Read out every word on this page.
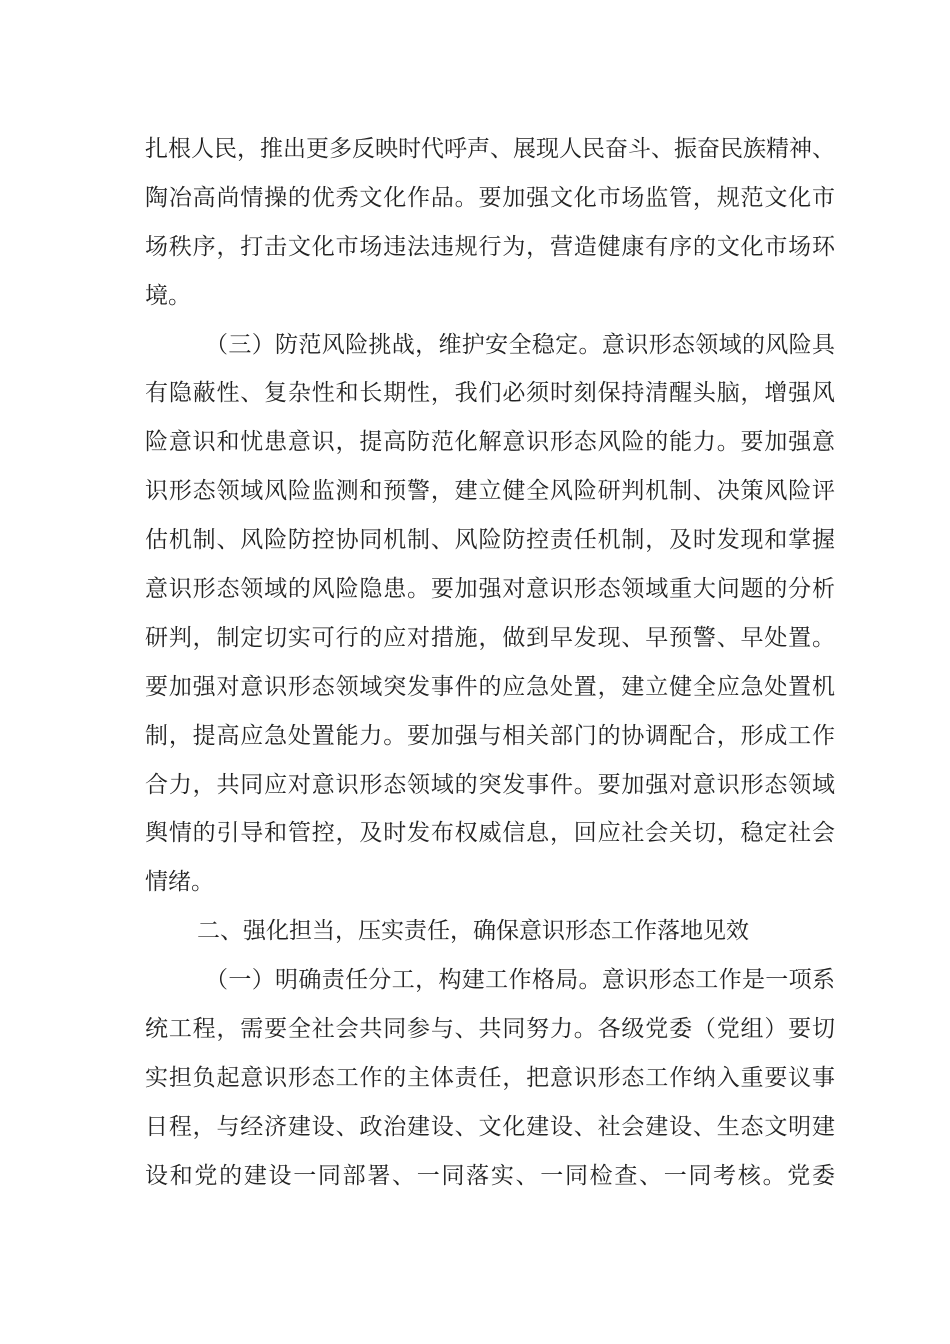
扎根人民，推出更多反映时代呼声、展现人民奋斗、振奋民族精神、
陶冶高尚情操的优秀文化作品。要加强文化市场监管，规范文化市
场秩序，打击文化市场违法违规行为，营造健康有序的文化市场环
境。
（三）防范风险挑战，维护安全稳定。意识形态领域的风险具
有隐蔽性、复杂性和长期性，我们必须时刻保持清醒头脑，增强风
险意识和忧患意识，提高防范化解意识形态风险的能力。要加强意
识形态领域风险监测和预警，建立健全风险研判机制、决策风险评
估机制、风险防控协同机制、风险防控责任机制，及时发现和掌握
意识形态领域的风险隐患。要加强对意识形态领域重大问题的分析
研判，制定切实可行的应对措施，做到早发现、早预警、早处置。
要加强对意识形态领域突发事件的应急处置，建立健全应急处置机
制，提高应急处置能力。要加强与相关部门的协调配合，形成工作
合力，共同应对意识形态领域的突发事件。要加强对意识形态领域
舆情的引导和管控，及时发布权威信息，回应社会关切，稳定社会
情绪。
二、强化担当，压实责任，确保意识形态工作落地见效
（一）明确责任分工，构建工作格局。意识形态工作是一项系
统工程，需要全社会共同参与、共同努力。各级党委（党组）要切
实担负起意识形态工作的主体责任，把意识形态工作纳入重要议事
日程，与经济建设、政治建设、文化建设、社会建设、生态文明建
设和党的建设一同部署、一同落实、一同检查、一同考核。党委
